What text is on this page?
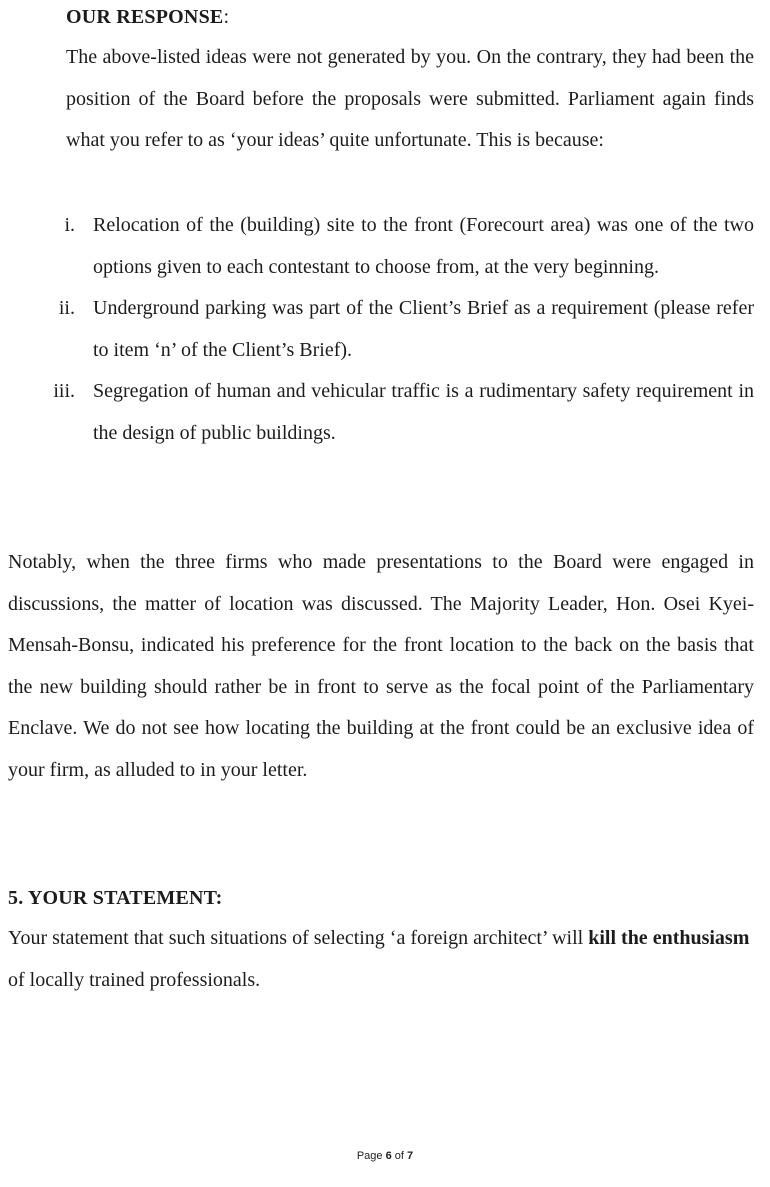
OUR RESPONSE:

The above-listed ideas were not generated by you. On the contrary, they had been the position of the Board before the proposals were submitted. Parliament again finds what you refer to as ‘your ideas’ quite unfortunate. This is because:

i. Relocation of the (building) site to the front (Forecourt area) was one of the two options given to each contestant to choose from, at the very beginning.
ii. Underground parking was part of the Client’s Brief as a requirement (please refer to item ‘n’ of the Client’s Brief).
iii. Segregation of human and vehicular traffic is a rudimentary safety requirement in the design of public buildings.

Notably, when the three firms who made presentations to the Board were engaged in discussions, the matter of location was discussed. The Majority Leader, Hon. Osei Kyei-Mensah-Bonsu, indicated his preference for the front location to the back on the basis that the new building should rather be in front to serve as the focal point of the Parliamentary Enclave. We do not see how locating the building at the front could be an exclusive idea of your firm, as alluded to in your letter.

5. YOUR STATEMENT:

Your statement that such situations of selecting ‘a foreign architect’ will kill the enthusiasm of locally trained professionals.

Page 6 of 7
